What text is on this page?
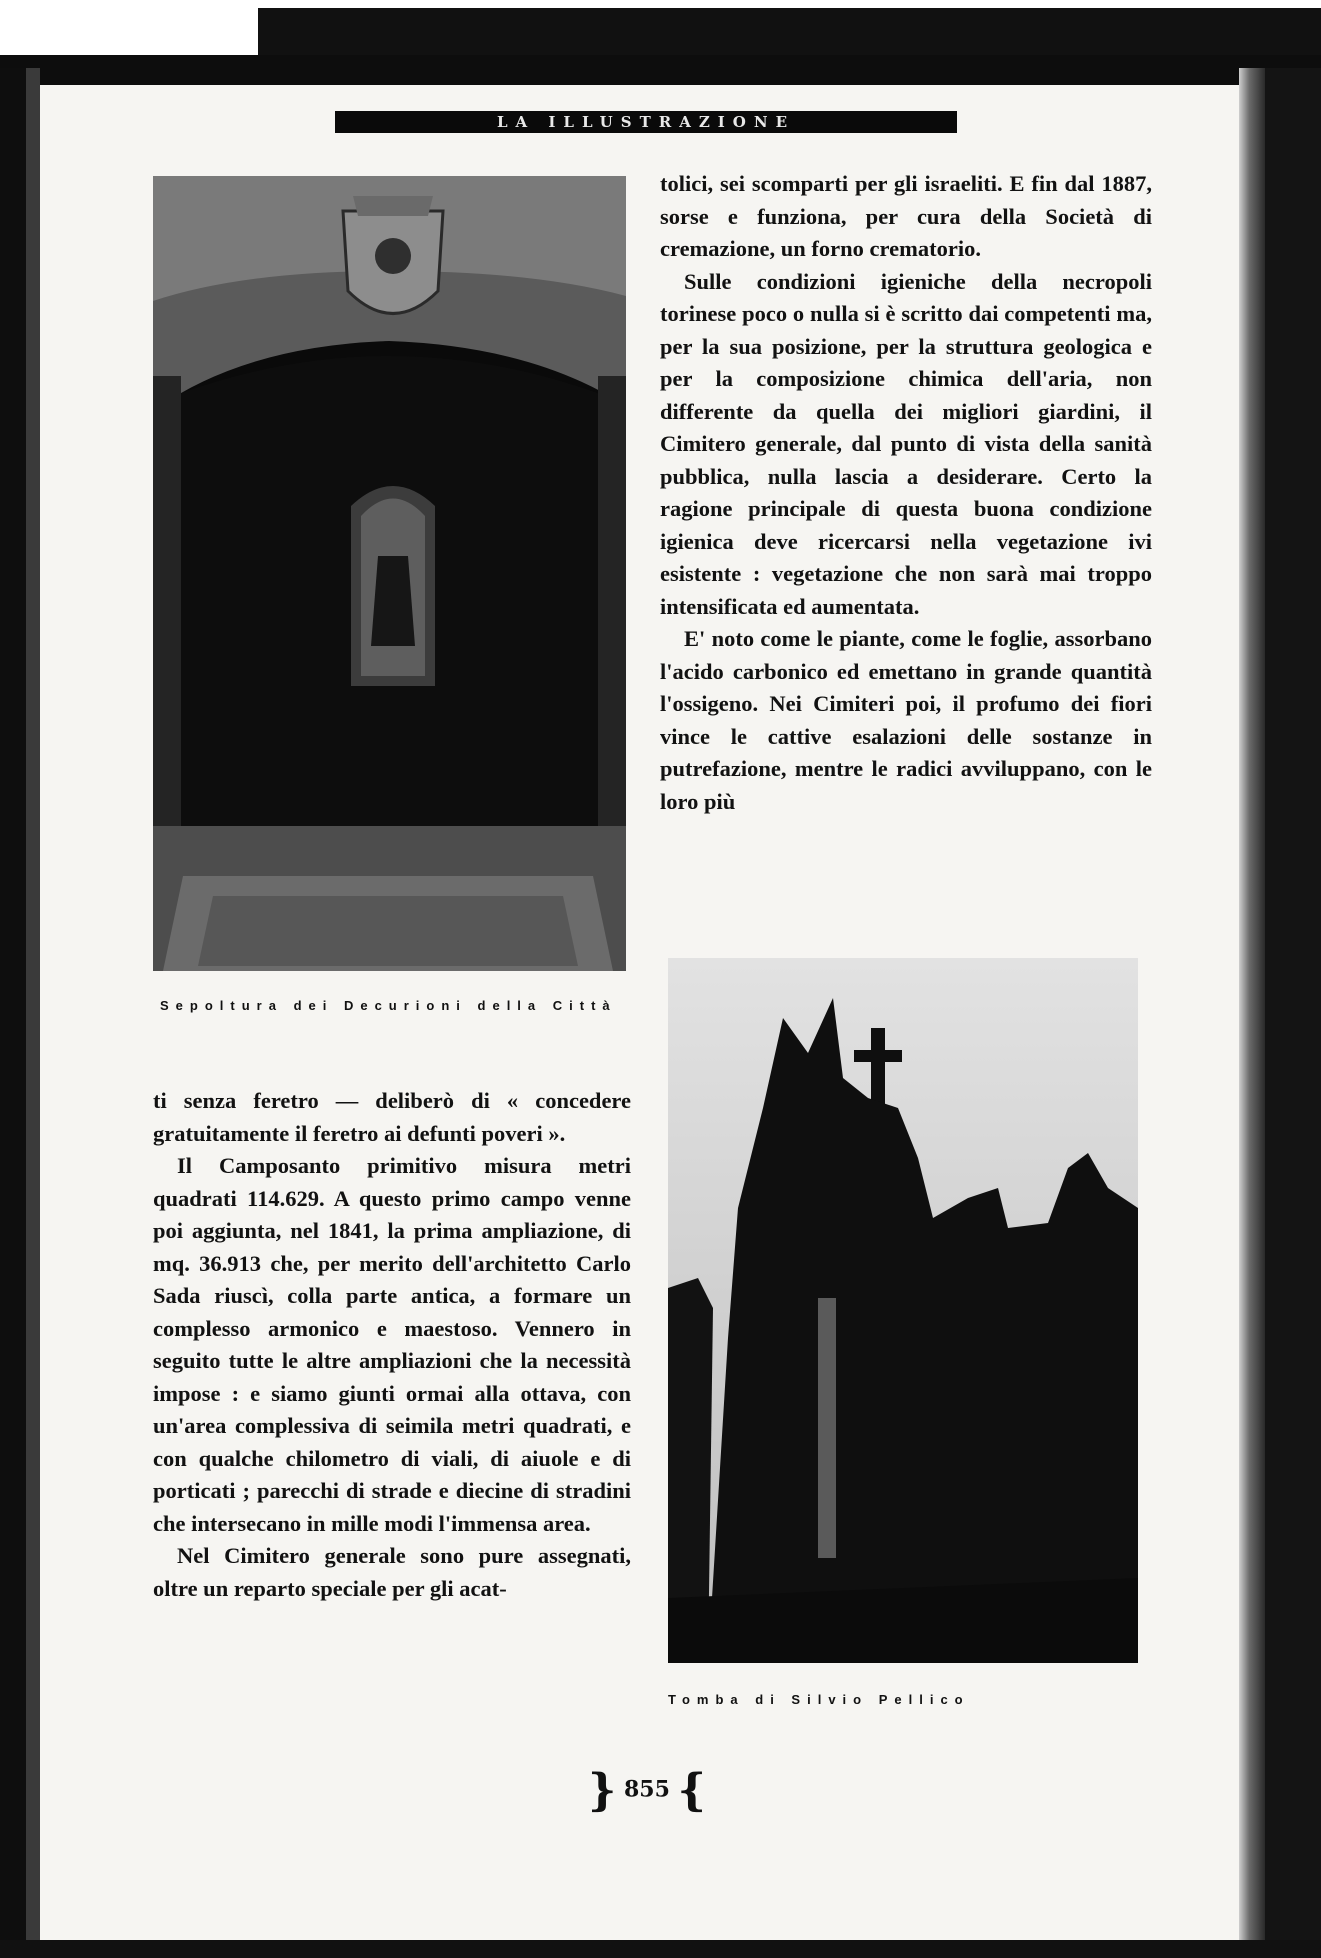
LA ILLUSTRAZIONE
Sepoltura dei Decurioni della Città
Tomba di Silvio Pellico

tolici, sei scomparti per gli israeliti. E fin dal 1887, sorse e funziona, per cura della Società di cremazione, un forno crematorio.

Sulle condizioni igieniche della necropoli torinese poco o nulla si è scritto dai competenti ma, per la sua posizione, per la struttura geologica e per la composizione chimica dell'aria, non differente da quella dei migliori giardini, il Cimitero generale, dal punto di vista della sanità pubblica, nulla lascia a desiderare. Certo la ragione principale di questa buona condizione igienica deve ricercarsi nella vegetazione ivi esistente : vegetazione che non sarà mai troppo intensificata ed aumentata.

E' noto come le piante, come le foglie, assorbano l'acido carbonico ed emettano in grande quantità l'ossigeno. Nei Cimiteri poi, il profumo dei fiori vince le cattive esalazioni delle sostanze in putrefazione, mentre le radici avviluppano, con le loro più

ti senza feretro — deliberò di « concedere gratuitamente il feretro ai defunti poveri ».

Il Camposanto primitivo misura metri quadrati 114.629. A questo primo campo venne poi aggiunta, nel 1841, la prima ampliazione, di mq. 36.913 che, per merito dell'architetto Carlo Sada riuscì, colla parte antica, a formare un complesso armonico e maestoso. Vennero in seguito tutte le altre ampliazioni che la necessità impose : e siamo giunti ormai alla ottava, con un'area complessiva di seimila metri quadrati, e con qualche chilometro di viali, di aiuole e di porticati ; parecchi di strade e diecine di stradini che intersecano in mille modi l'immensa area.

Nel Cimitero generale sono pure assegnati, oltre un reparto speciale per gli acat-

} 855 {
